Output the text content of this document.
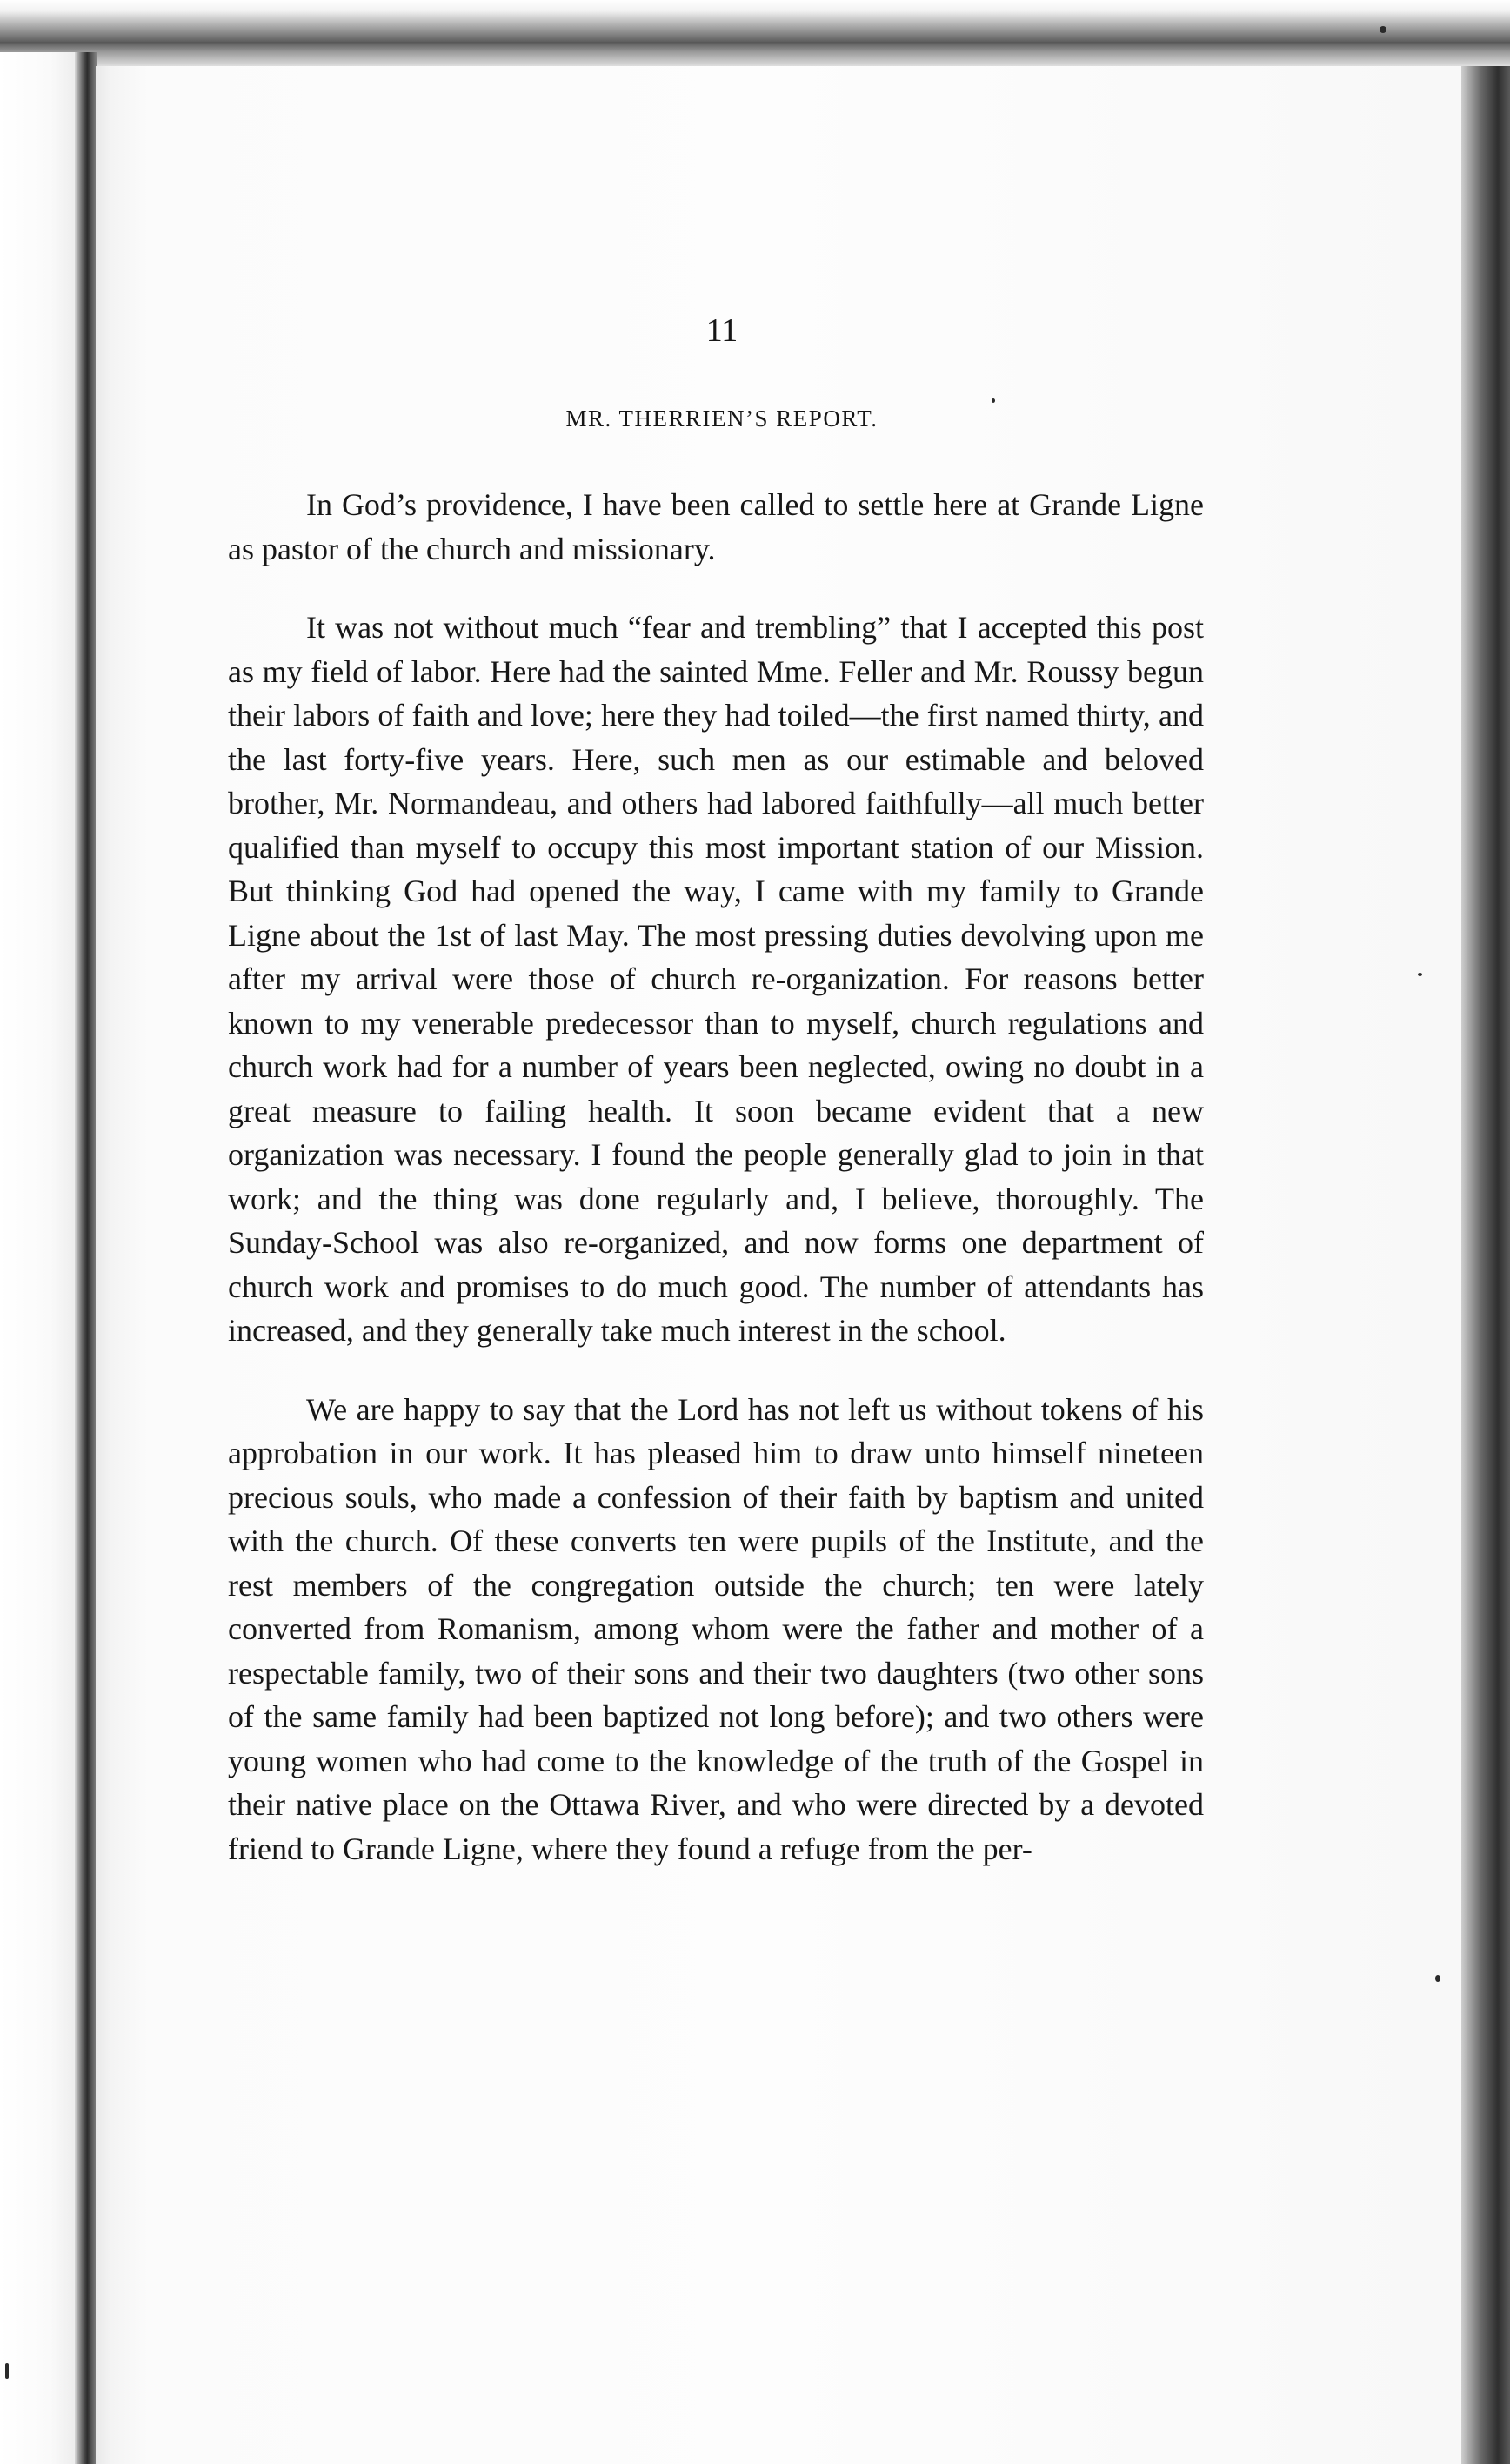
11
MR. THERRIEN’S REPORT.

In God’s providence, I have been called to settle here at Grande Ligne as pastor of the church and missionary.

It was not without much “fear and trembling” that I accepted this post as my field of labor. Here had the sainted Mme. Feller and Mr. Roussy begun their labors of faith and love; here they had toiled—the first named thirty, and the last forty-five years. Here, such men as our estimable and beloved brother, Mr. Normandeau, and others had labored faithfully—all much better qualified than myself to occupy this most important station of our Mission. But thinking God had opened the way, I came with my family to Grande Ligne about the 1st of last May. The most pressing duties devolving upon me after my arrival were those of church re-organization. For reasons better known to my venerable predecessor than to myself, church regulations and church work had for a number of years been neglected, owing no doubt in a great measure to failing health. It soon became evident that a new organization was necessary. I found the people generally glad to join in that work; and the thing was done regularly and, I believe, thoroughly. The Sunday-School was also re-organized, and now forms one department of church work and promises to do much good. The number of attendants has increased, and they generally take much interest in the school.

We are happy to say that the Lord has not left us without tokens of his approbation in our work. It has pleased him to draw unto himself nineteen precious souls, who made a confession of their faith by baptism and united with the church. Of these converts ten were pupils of the Institute, and the rest members of the congregation outside the church; ten were lately converted from Romanism, among whom were the father and mother of a respectable family, two of their sons and their two daughters (two other sons of the same family had been baptized not long before); and two others were young women who had come to the knowledge of the truth of the Gospel in their native place on the Ottawa River, and who were directed by a devoted friend to Grande Ligne, where they found a refuge from the per-
